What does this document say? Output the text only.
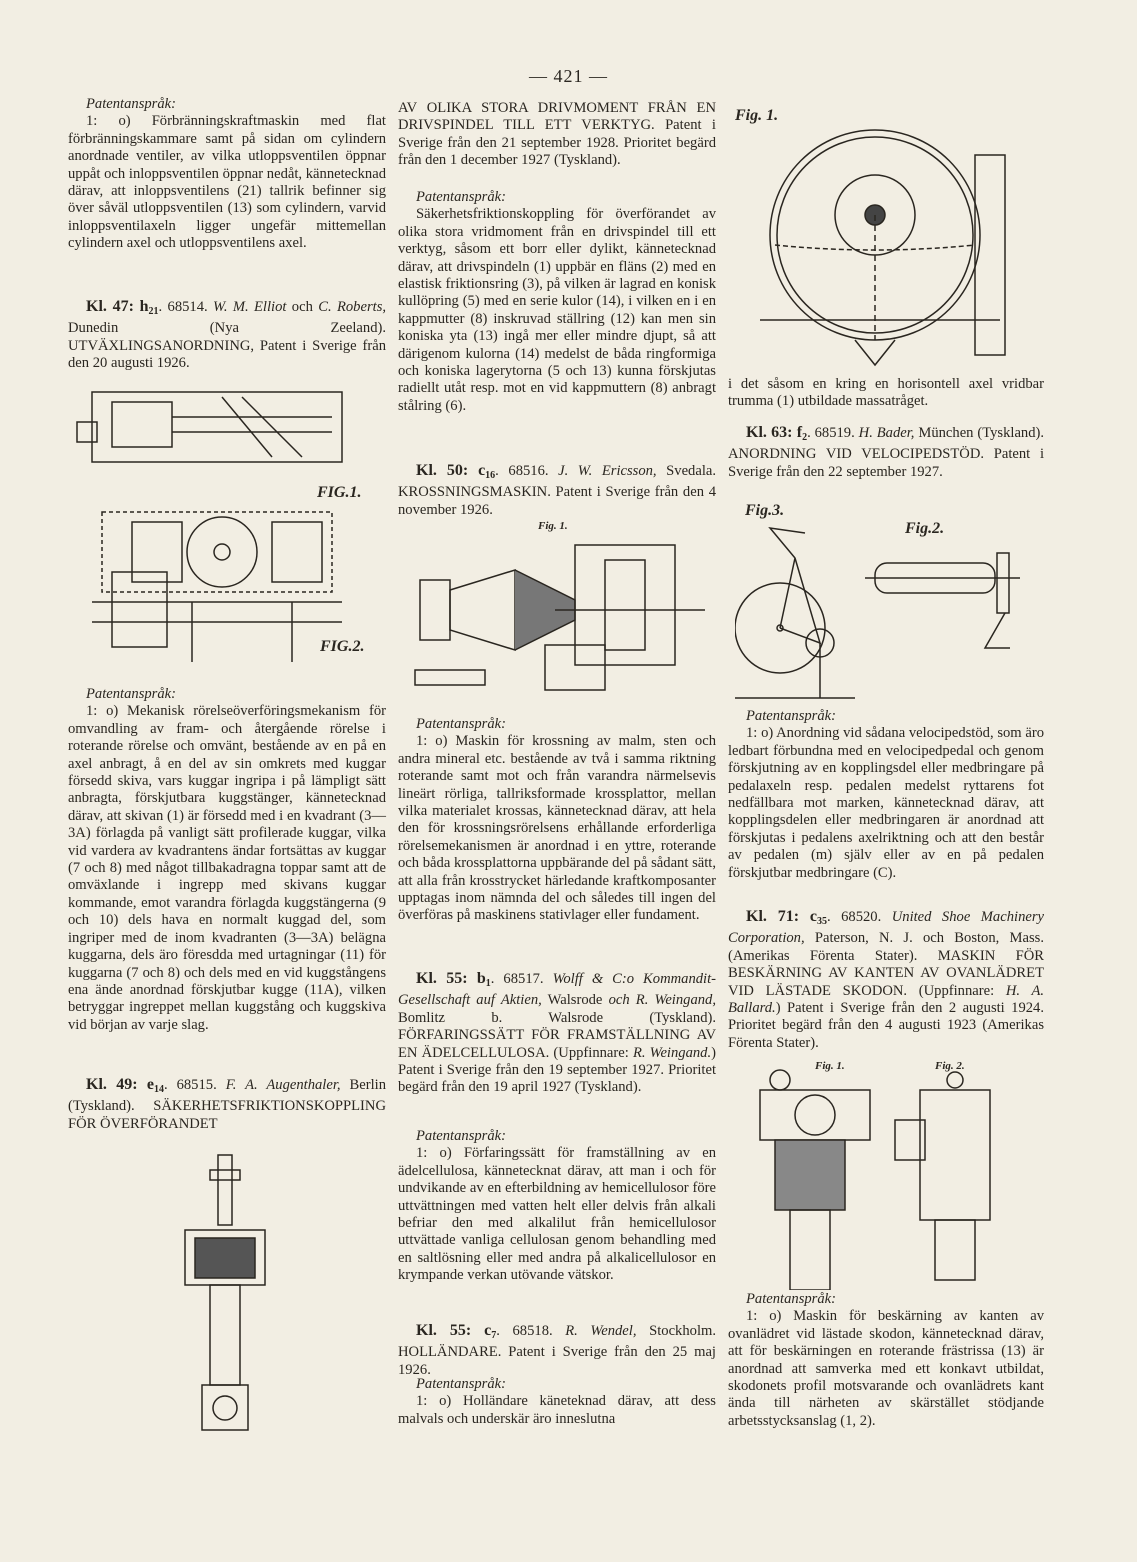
— 421 —
Patentanspråk:
1: o) Förbränningskraftmaskin med flat förbränningskammare samt på sidan om cylindern anordnade ventiler, av vilka utloppsventilen öppnar uppåt och inloppsventilen öppnar nedåt, kännetecknad därav, att inloppsventilens (21) tallrik befinner sig över såväl utloppsventilen (13) som cylindern, varvid inloppsventilaxeln ligger ungefär mittemellan cylindern axel och utloppsventilens axel.
Kl. 47: $h_{21}$. 68514. W. M. Elliot och C. Roberts, Dunedin (Nya Zeeland). UTVÄXLINGSANORDNING, Patent i Sverige från den 20 augusti 1926.
FIG.1.
FIG.2.
Patentanspråk:
1: o) Mekanisk rörelseöverföringsmekanism för omvandling av fram- och återgående rörelse i roterande rörelse och omvänt, bestående av en på en axel anbragt, å en del av sin omkrets med kuggar försedd skiva, vars kuggar ingripa i på lämpligt sätt anbragta, förskjutbara kuggstänger, kännetecknad därav, att skivan (1) är försedd med i en kvadrant (3—3A) förlagda på vanligt sätt profilerade kuggar, vilka vid vardera av kvadrantens ändar fortsättas av kuggar (7 och 8) med något tillbakadragna toppar samt att de omväxlande i ingrepp med skivans kuggar kommande, emot varandra förlagda kuggstängerna (9 och 10) dels hava en normalt kuggad del, som ingriper med de inom kvadranten (3—3A) belägna kuggarna, dels äro föresdda med urtagningar (11) för kuggarna (7 och 8) och dels med en vid kuggstångens ena ände anordnad förskjutbar kugge (11A), vilken betryggar ingreppet mellan kuggstång och kuggskiva vid början av varje slag.
Kl. 49: $e_{14}$. 68515. F. A. Augenthaler, Berlin (Tyskland). SÄKERHETSFRIKTIONSKOPPLING FÖR ÖVERFÖRANDET
AV OLIKA STORA DRIVMOMENT FRÅN EN DRIVSPINDEL TILL ETT VERKTYG. Patent i Sverige från den 21 september 1928. Prioritet begärd från den 1 december 1927 (Tyskland).
Patentanspråk:
Säkerhetsfriktionskoppling för överförandet av olika stora vridmoment från en drivspindel till ett verktyg, såsom ett borr eller dylikt, kännetecknad därav, att drivspindeln (1) uppbär en fläns (2) med en elastisk friktionsring (3), på vilken är lagrad en konisk kullöpring (5) med en serie kulor (14), i vilken en i en kappmutter (8) inskruvad ställring (12) kan men sin koniska yta (13) ingå mer eller mindre djupt, så att därigenom kulorna (14) medelst de båda ringformiga och koniska lagerytorna (5 och 13) kunna förskjutas radiellt utåt resp. mot en vid kappmuttern (8) anbragt stålring (6).
Kl. 50: $c_{16}$. 68516. J. W. Ericsson, Svedala. KROSSNINGSMASKIN. Patent i Sverige från den 4 november 1926.
Fig. 1.
Patentanspråk:
1: o) Maskin för krossning av malm, sten och andra mineral etc. bestående av två i samma riktning roterande samt mot och från varandra närmelsevis lineärt rörliga, tallriksformade krossplattor, mellan vilka materialet krossas, kännetecknad därav, att hela den för krossningsrörelsens erhållande erforderliga rörelsemekanismen är anordnad i en yttre, roterande och båda krossplattorna uppbärande del på sådant sätt, att alla från krosstrycket härledande kraftkomposanter upptagas inom nämnda del och således till ingen del överföras på maskinens stativlager eller fundament.
Kl. 55: $b_1$. 68517. Wolff & C:o Kommandit-Gesellschaft auf Aktien, Walsrode och R. Weingand, Bomlitz b. Walsrode (Tyskland). FÖRFARINGSSÄTT FÖR FRAMSTÄLLNING AV EN ÄDELCELLULOSA. (Uppfinnare: R. Weingand.) Patent i Sverige från den 19 september 1927. Prioritet begärd från den 19 april 1927 (Tyskland).
Patentanspråk:
1: o) Förfaringssätt för framställning av en ädelcellulosa, kännetecknat därav, att man i och för undvikande av en efterbildning av hemicellulosor före uttvättningen med vatten helt eller delvis från alkali befriar den med alkalilut från hemicellulosor uttvättade vanliga cellulosan genom behandling med en saltlösning eller med andra på alkalicellulosor en krympande verkan utövande vätskor.
Kl. 55: $c_7$. 68518. R. Wendel, Stockholm. HOLLÄNDARE. Patent i Sverige från den 25 maj 1926.
Patentanspråk:
1: o) Holländare käneteknad därav, att dess malvals och underskär äro inneslutna
Fig. 1.
i det såsom en kring en horisontell axel vridbar trumma (1) utbildade massatråget.
Kl. 63: $f_2$. 68519. H. Bader, München (Tyskland). ANORDNING VID VELOCIPEDSTÖD. Patent i Sverige från den 22 september 1927.
Fig.3.
Fig.2.
Patentanspråk:
1: o) Anordning vid sådana velocipedstöd, som äro ledbart förbundna med en velocipedpedal och genom förskjutning av en kopplingsdel eller medbringare på pedalaxeln resp. pedalen medelst ryttarens fot nedfällbara mot marken, kännetecknad därav, att kopplingsdelen eller medbringaren är anordnad att förskjutas i pedalens axelriktning och att den består av pedalen (m) själv eller av en på pedalen förskjutbar medbringare (C).
Kl. 71: $c_{35}$. 68520. United Shoe Machinery Corporation, Paterson, N. J. och Boston, Mass. (Amerikas Förenta Stater). MASKIN FÖR BESKÄRNING AV KANTEN AV OVANLÄDRET VID LÄSTADE SKODON. (Uppfinnare: H. A. Ballard.) Patent i Sverige från den 2 augusti 1924. Prioritet begärd från den 4 augusti 1923 (Amerikas Förenta Stater).
Fig. 1.	Fig. 2.
Patentanspråk:
1: o) Maskin för beskärning av kanten av ovanlädret vid lästade skodon, kännetecknad därav, att för beskärningen en roterande frästrissa (13) är anordnad att samverka med ett konkavt utbildat, skodonets profil motsvarande och ovanlädrets kant ända till närheten av skärstället stödjande arbetsstycksanslag (1, 2).
